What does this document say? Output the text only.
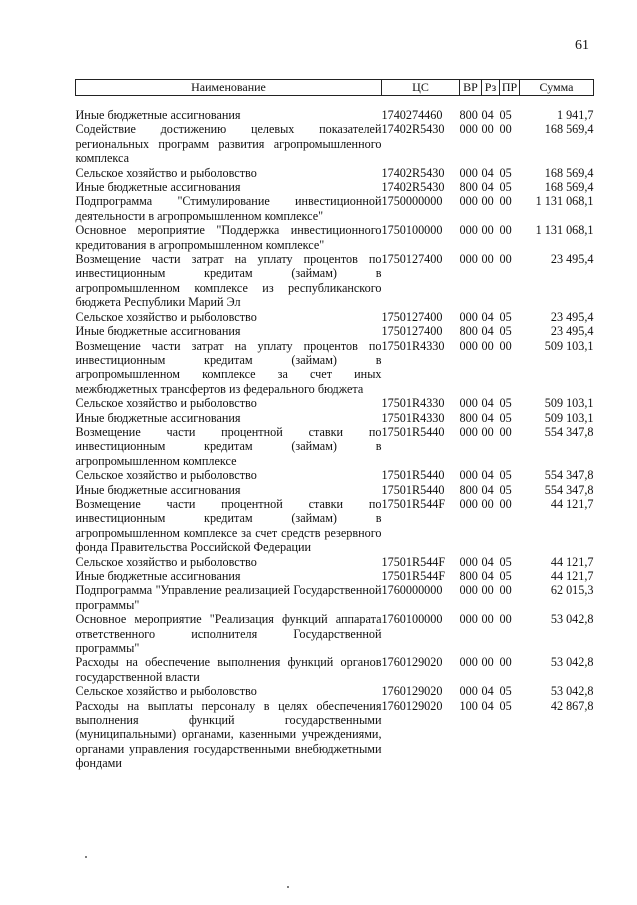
61
Наименование	ЦС	ВР	Рз	ПР	Сумма

Иные бюджетные ассигнования	1740274460	800	04	05	1 941,7
Содействие достижению целевых показателей региональных программ развития агропромышленного комплекса	17402R5430	000	00	00	168 569,4
Сельское хозяйство и рыболовство	17402R5430	000	04	05	168 569,4
Иные бюджетные ассигнования	17402R5430	800	04	05	168 569,4
Подпрограмма "Стимулирование инвестиционной деятельности в агропромышленном комплексе"	1750000000	000	00	00	1 131 068,1
Основное мероприятие "Поддержка инвестиционного кредитования в агропромышленном комплексе"	1750100000	000	00	00	1 131 068,1
Возмещение части затрат на уплату процентов по инвестиционным кредитам (займам) в агропромышленном комплексе из республиканского бюджета Республики Марий Эл	1750127400	000	00	00	23 495,4
Сельское хозяйство и рыболовство	1750127400	000	04	05	23 495,4
Иные бюджетные ассигнования	1750127400	800	04	05	23 495,4
Возмещение части затрат на уплату процентов по инвестиционным кредитам (займам) в агропромышленном комплексе за счет иных межбюджетных трансфертов из федерального бюджета	17501R4330	000	00	00	509 103,1
Сельское хозяйство и рыболовство	17501R4330	000	04	05	509 103,1
Иные бюджетные ассигнования	17501R4330	800	04	05	509 103,1
Возмещение части процентной ставки по инвестиционным кредитам (займам) в агропромышленном комплексе	17501R5440	000	00	00	554 347,8
Сельское хозяйство и рыболовство	17501R5440	000	04	05	554 347,8
Иные бюджетные ассигнования	17501R5440	800	04	05	554 347,8
Возмещение части процентной ставки по инвестиционным кредитам (займам) в агропромышленном комплексе за счет средств резервного фонда Правительства Российской Федерации	17501R544F	000	00	00	44 121,7
Сельское хозяйство и рыболовство	17501R544F	000	04	05	44 121,7
Иные бюджетные ассигнования	17501R544F	800	04	05	44 121,7
Подпрограмма "Управление реализацией Государственной программы"	1760000000	000	00	00	62 015,3
Основное мероприятие "Реализация функций аппарата ответственного исполнителя Государственной программы"	1760100000	000	00	00	53 042,8
Расходы на обеспечение выполнения функций органов государственной власти	1760129020	000	00	00	53 042,8
Сельское хозяйство и рыболовство	1760129020	000	04	05	53 042,8
Расходы на выплаты персоналу в целях обеспечения выполнения функций государственными (муниципальными) органами, казенными учреждениями, органами управления государственными внебюджетными фондами	1760129020	100	04	05	42 867,8
